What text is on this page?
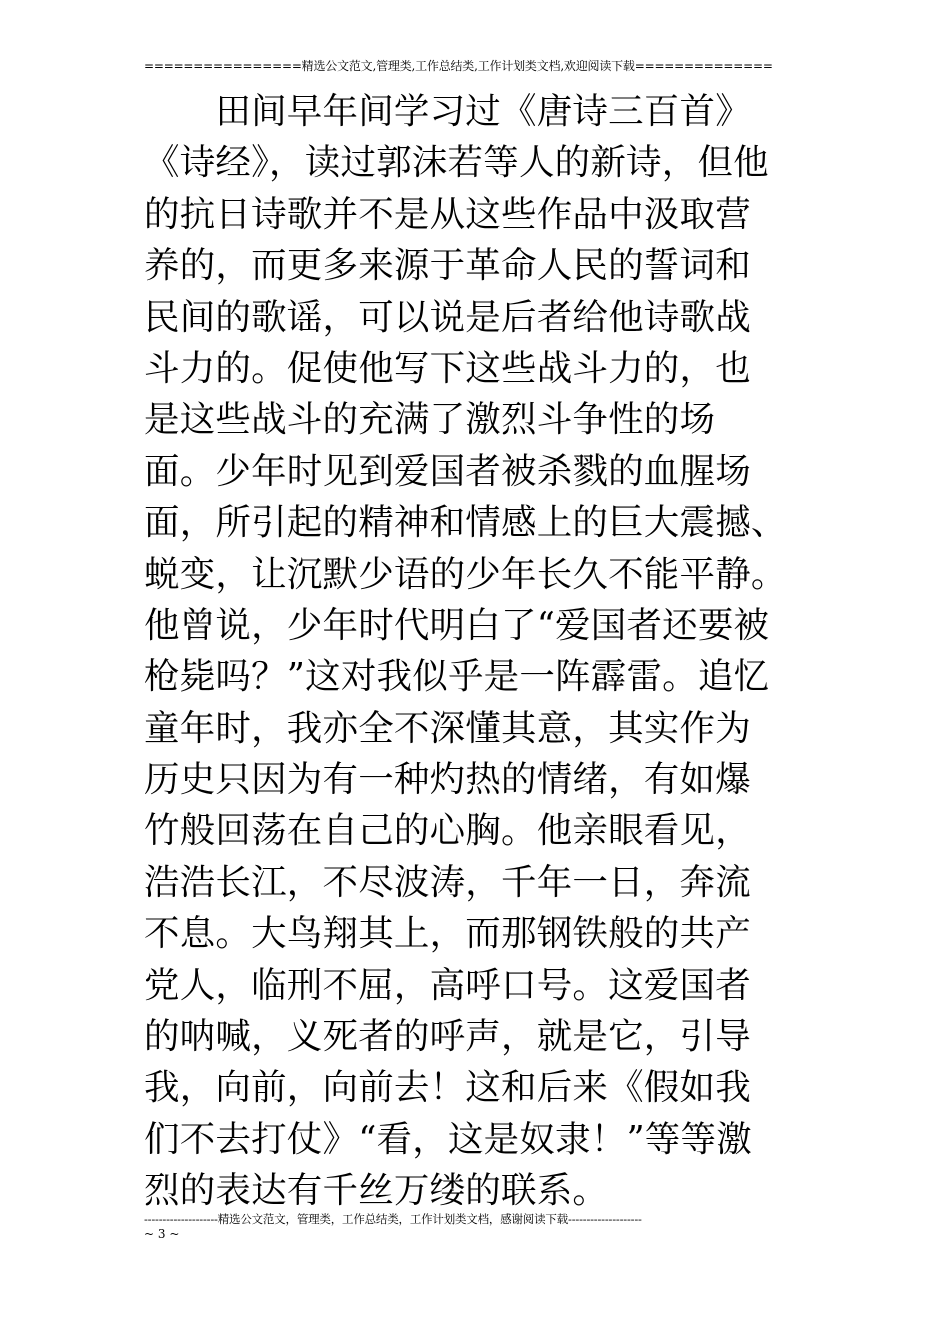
================精选公文范文,管理类,工作总结类,工作计划类文档,欢迎阅读下载==============
　　田间早年间学习过《唐诗三百首》
《诗经》，读过郭沫若等人的新诗，但他
的抗日诗歌并不是从这些作品中汲取营
养的，而更多来源于革命人民的誓词和
民间的歌谣，可以说是后者给他诗歌战
斗力的。促使他写下这些战斗力的，也
是这些战斗的充满了激烈斗争性的场
面。少年时见到爱国者被杀戮的血腥场
面，所引起的精神和情感上的巨大震撼、
蜕变，让沉默少语的少年长久不能平静。
他曾说，少年时代明白了“爱国者还要被
枪毙吗？”这对我似乎是一阵霹雷。追忆
童年时，我亦全不深懂其意，其实作为
历史只因为有一种灼热的情绪，有如爆
竹般回荡在自己的心胸。他亲眼看见，
浩浩长江，不尽波涛，千年一日，奔流
不息。大鸟翔其上，而那钢铁般的共产
党人，临刑不屈，高呼口号。这爱国者
的呐喊，义死者的呼声，就是它，引导
我，向前，向前去！这和后来《假如我
们不去打仗》“看，这是奴隶！”等等激
烈的表达有千丝万缕的联系。
--------------------精选公文范文，管理类，工作总结类，工作计划类文档，感谢阅读下载--------------------
~ 3 ~
